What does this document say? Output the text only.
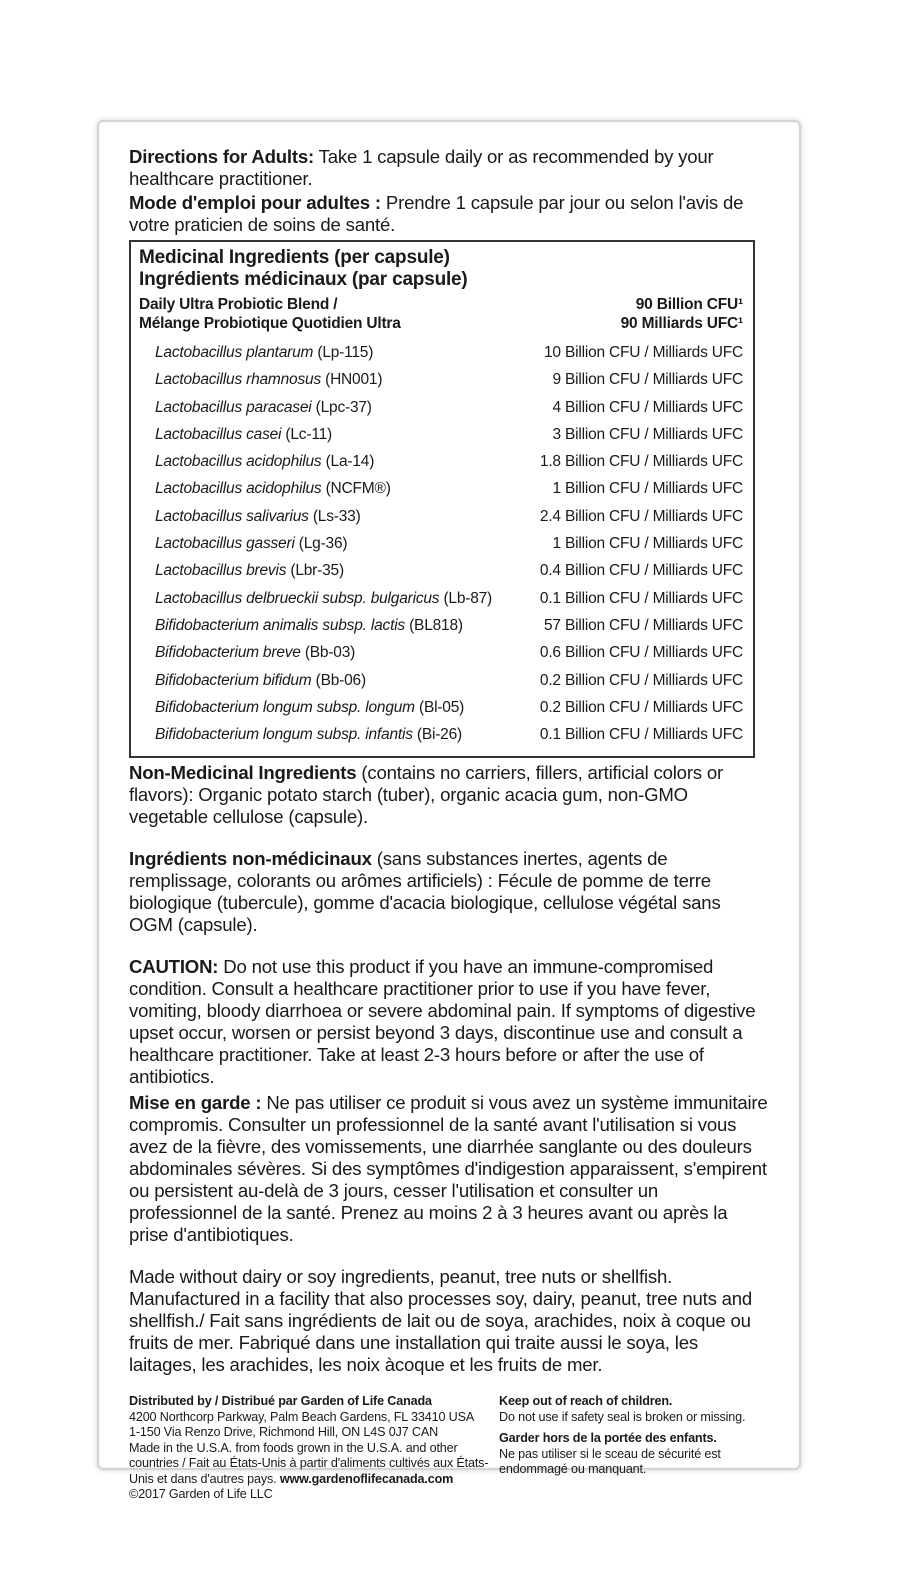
Directions for Adults: Take 1 capsule daily or as recommended by your healthcare practitioner.

Mode d'emploi pour adultes : Prendre 1 capsule par jour ou selon l'avis de votre praticien de soins de santé.

Medicinal Ingredients (per capsule)
Ingrédients médicinaux (par capsule)
Daily Ultra Probiotic Blend /
Mélange Probiotique Quotidien Ultra
90 Billion CFU¹
90 Milliards UFC¹
Lactobacillus plantarum (Lp-115)	10 Billion CFU / Milliards UFC
Lactobacillus rhamnosus (HN001)	9 Billion CFU / Milliards UFC
Lactobacillus paracasei (Lpc-37)	4 Billion CFU / Milliards UFC
Lactobacillus casei (Lc-11)	3 Billion CFU / Milliards UFC
Lactobacillus acidophilus (La-14)	1.8 Billion CFU / Milliards UFC
Lactobacillus acidophilus (NCFM®)	1 Billion CFU / Milliards UFC
Lactobacillus salivarius (Ls-33)	2.4 Billion CFU / Milliards UFC
Lactobacillus gasseri (Lg-36)	1 Billion CFU / Milliards UFC
Lactobacillus brevis (Lbr-35)	0.4 Billion CFU / Milliards UFC
Lactobacillus delbrueckii subsp. bulgaricus (Lb-87)	0.1 Billion CFU / Milliards UFC
Bifidobacterium animalis subsp. lactis (BL818)	57 Billion CFU / Milliards UFC
Bifidobacterium breve (Bb-03)	0.6 Billion CFU / Milliards UFC
Bifidobacterium bifidum (Bb-06)	0.2 Billion CFU / Milliards UFC
Bifidobacterium longum subsp. longum (Bl-05)	0.2 Billion CFU / Milliards UFC
Bifidobacterium longum subsp. infantis (Bi-26)	0.1 Billion CFU / Milliards UFC

Non-Medicinal Ingredients (contains no carriers, fillers, artificial colors or flavors): Organic potato starch (tuber), organic acacia gum, non-GMO vegetable cellulose (capsule).

Ingrédients non-médicinaux (sans substances inertes, agents de remplissage, colorants ou arômes artificiels) : Fécule de pomme de terre biologique (tubercule), gomme d'acacia biologique, cellulose végétal sans OGM (capsule).

CAUTION: Do not use this product if you have an immune-compromised condition. Consult a healthcare practitioner prior to use if you have fever, vomiting, bloody diarrhoea or severe abdominal pain. If symptoms of digestive upset occur, worsen or persist beyond 3 days, discontinue use and consult a healthcare practitioner. Take at least 2-3 hours before or after the use of antibiotics.

Mise en garde : Ne pas utiliser ce produit si vous avez un système immunitaire compromis. Consulter un professionnel de la santé avant l'utilisation si vous avez de la fièvre, des vomissements, une diarrhée sanglante ou des douleurs abdominales sévères. Si des symptômes d'indigestion apparaissent, s'empirent ou persistent au-delà de 3 jours, cesser l'utilisation et consulter un professionnel de la santé. Prenez au moins 2 à 3 heures avant ou après la prise d'antibiotiques.

Made without dairy or soy ingredients, peanut, tree nuts or shellfish. Manufactured in a facility that also processes soy, dairy, peanut, tree nuts and shellfish./ Fait sans ingrédients de lait ou de soya, arachides, noix à coque ou fruits de mer. Fabriqué dans une installation qui traite aussi le soya, les laitages, les arachides, les noix àcoque et les fruits de mer.

Distributed by / Distribué par Garden of Life Canada
4200 Northcorp Parkway, Palm Beach Gardens, FL 33410 USA
1-150 Via Renzo Drive, Richmond Hill, ON L4S 0J7 CAN
Made in the U.S.A. from foods grown in the U.S.A. and other countries / Fait au États-Unis à partir d'aliments cultivés aux États-Unis et dans d'autres pays. www.gardenoflifecanada.com
©2017 Garden of Life LLC
Keep out of reach of children.
Do not use if safety seal is broken or missing.
Garder hors de la portée des enfants.
Ne pas utiliser si le sceau de sécurité est endommagé ou manquant.
